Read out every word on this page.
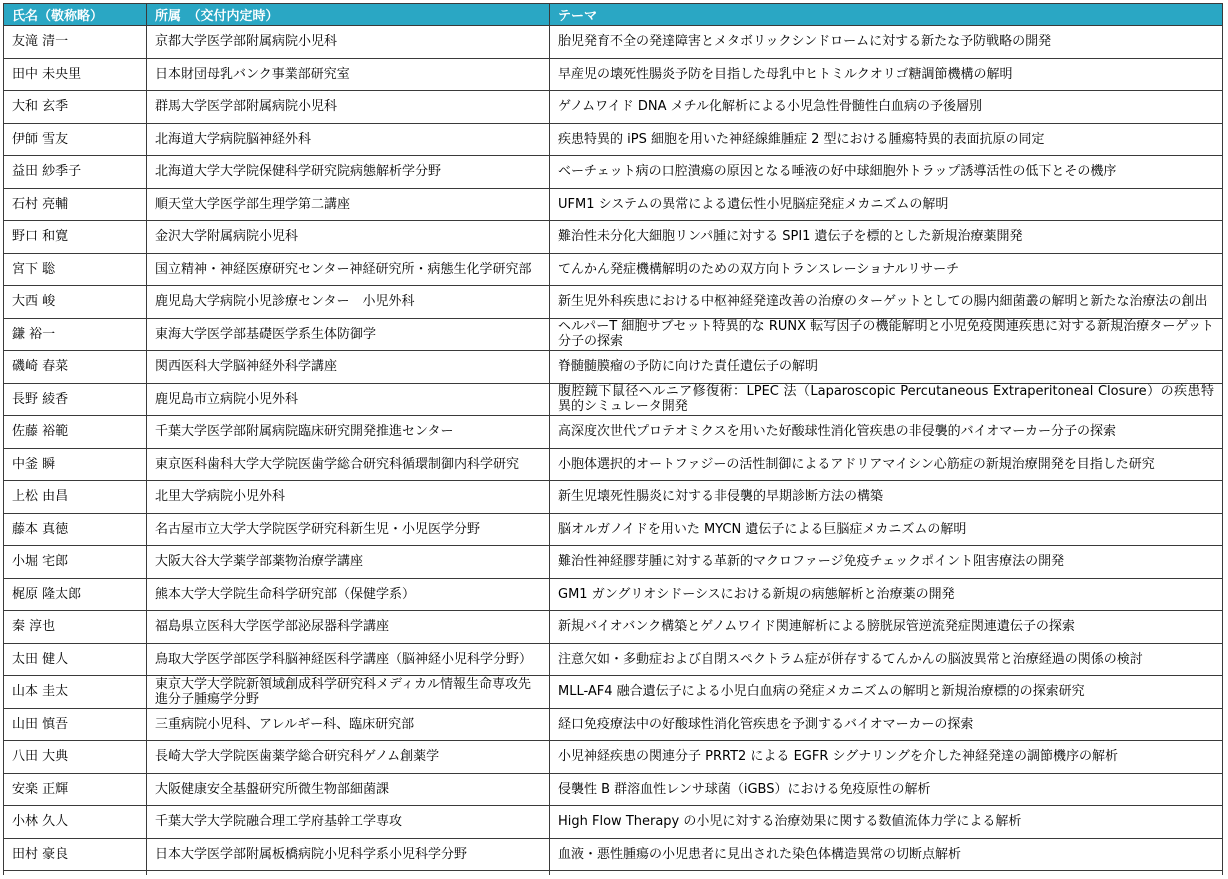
氏名（敬称略）	所属　（交付内定時）	テーマ
友滝 清一	京都大学医学部附属病院小児科	胎児発育不全の発達障害とメタボリックシンドロームに対する新たな予防戦略の開発
田中 未央里	日本財団母乳バンク事業部研究室	早産児の壊死性腸炎予防を目指した母乳中ヒトミルクオリゴ糖調節機構の解明
大和 玄季	群馬大学医学部附属病院小児科	ゲノムワイド DNA メチル化解析による小児急性骨髄性白血病の予後層別
伊師 雪友	北海道大学病院脳神経外科	疾患特異的 iPS 細胞を用いた神経線維腫症 2 型における腫瘍特異的表面抗原の同定
益田 紗季子	北海道大学大学院保健科学研究院病態解析学分野	ベーチェット病の口腔潰瘍の原因となる唾液の好中球細胞外トラップ誘導活性の低下とその機序
石村 亮輔	順天堂大学医学部生理学第二講座	UFM1 システムの異常による遺伝性小児脳症発症メカニズムの解明
野口 和寛	金沢大学附属病院小児科	難治性未分化大細胞リンパ腫に対する SPI1 遺伝子を標的とした新規治療薬開発
宮下 聡	国立精神・神経医療研究センター神経研究所・病態生化学研究部	てんかん発症機構解明のための双方向トランスレーショナルリサーチ
大西 峻	鹿児島大学病院小児診療センター　小児外科	新生児外科疾患における中枢神経発達改善の治療のターゲットとしての腸内細菌叢の解明と新たな治療法の創出
鎌 裕一	東海大学医学部基礎医学系生体防御学	ヘルパーT 細胞サブセット特異的な RUNX 転写因子の機能解明と小児免疫関連疾患に対する新規治療ターゲット分子の探索
磯崎 春菜	関西医科大学脳神経外科学講座	脊髄髄膜瘤の予防に向けた責任遺伝子の解明
長野 綾香	鹿児島市立病院小児外科	腹腔鏡下鼠径ヘルニア修復術：LPEC 法（Laparoscopic Percutaneous Extraperitoneal Closure）の疾患特異的シミュレータ開発
佐藤 裕範	千葉大学医学部附属病院臨床研究開発推進センター	高深度次世代プロテオミクスを用いた好酸球性消化管疾患の非侵襲的バイオマーカー分子の探索
中釜 瞬	東京医科歯科大学大学院医歯学総合研究科循環制御内科学研究	小胞体選択的オートファジーの活性制御によるアドリアマイシン心筋症の新規治療開発を目指した研究
上松 由昌	北里大学病院小児外科	新生児壊死性腸炎に対する非侵襲的早期診断方法の構築
藤本 真徳	名古屋市立大学大学院医学研究科新生児・小児医学分野	脳オルガノイドを用いた MYCN 遺伝子による巨脳症メカニズムの解明
小堀 宅郎	大阪大谷大学薬学部薬物治療学講座	難治性神経膠芽腫に対する革新的マクロファージ免疫チェックポイント阻害療法の開発
梶原 隆太郎	熊本大学大学院生命科学研究部（保健学系）	GM1 ガングリオシドーシスにおける新規の病態解析と治療薬の開発
秦 淳也	福島県立医科大学医学部泌尿器科学講座	新規バイオバンク構築とゲノムワイド関連解析による膀胱尿管逆流発症関連遺伝子の探索
太田 健人	鳥取大学医学部医学科脳神経医科学講座（脳神経小児科学分野）	注意欠如・多動症および自閉スペクトラム症が併存するてんかんの脳波異常と治療経過の関係の検討
山本 圭太	東京大学大学院新領域創成科学研究科メディカル情報生命専攻先進分子腫瘍学分野	MLL-AF4 融合遺伝子による小児白血病の発症メカニズムの解明と新規治療標的の探索研究
山田 慎吾	三重病院小児科、アレルギー科、臨床研究部	経口免疫療法中の好酸球性消化管疾患を予測するバイオマーカーの探索
八田 大典	長崎大学大学院医歯薬学総合研究科ゲノム創薬学	小児神経疾患の関連分子 PRRT2 による EGFR シグナリングを介した神経発達の調節機序の解析
安楽 正輝	大阪健康安全基盤研究所微生物部細菌課	侵襲性 B 群溶血性レンサ球菌（iGBS）における免疫原性の解析
小林 久人	千葉大学大学院融合理工学府基幹工学専攻	High Flow Therapy の小児に対する治療効果に関する数値流体力学による解析
田村 豪良	日本大学医学部附属板橋病院小児科学系小児科学分野	血液・悪性腫瘍の小児患者に見出された染色体構造異常の切断点解析
